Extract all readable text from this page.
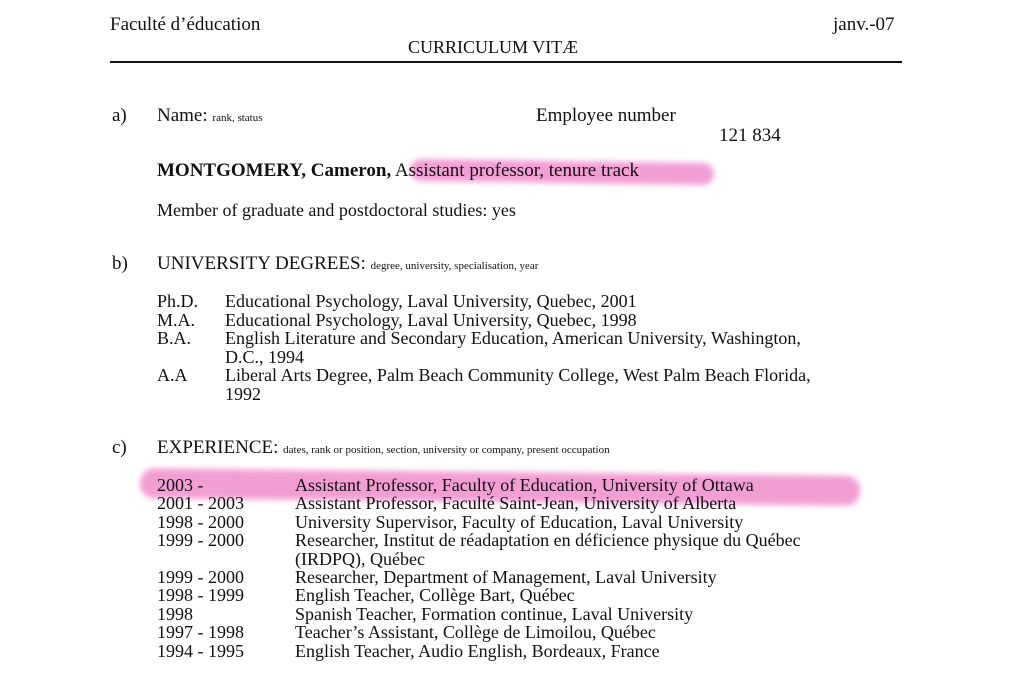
Faculté d’éducation
CURRICULUM VITÆ
janv.-07
a) Name: rank, status	Employee number
121 834
MONTGOMERY, Cameron, Assistant professor, tenure track
Member of graduate and postdoctoral studies: yes
b) UNIVERSITY DEGREES: degree, university, specialisation, year
Ph.D. Educational Psychology, Laval University, Quebec, 2001
M.A. Educational Psychology, Laval University, Quebec, 1998
B.A. English Literature and Secondary Education, American University, Washington,
D.C., 1994
A.A Liberal Arts Degree, Palm Beach Community College, West Palm Beach Florida,
1992
c) EXPERIENCE: dates, rank or position, section, university or company, present occupation
2003 -	Assistant Professor, Faculty of Education, University of Ottawa
2001 - 2003	Assistant Professor, Faculté Saint-Jean, University of Alberta
1998 - 2000	University Supervisor, Faculty of Education, Laval University
1999 - 2000	Researcher, Institut de réadaptation en déficience physique du Québec
(IRDPQ), Québec
1999 - 2000	Researcher, Department of Management, Laval University
1998 - 1999	English Teacher, Collège Bart, Québec
1998	Spanish Teacher, Formation continue, Laval University
1997 - 1998	Teacher’s Assistant, Collège de Limoilou, Québec
1994 - 1995	English Teacher, Audio English, Bordeaux, France
